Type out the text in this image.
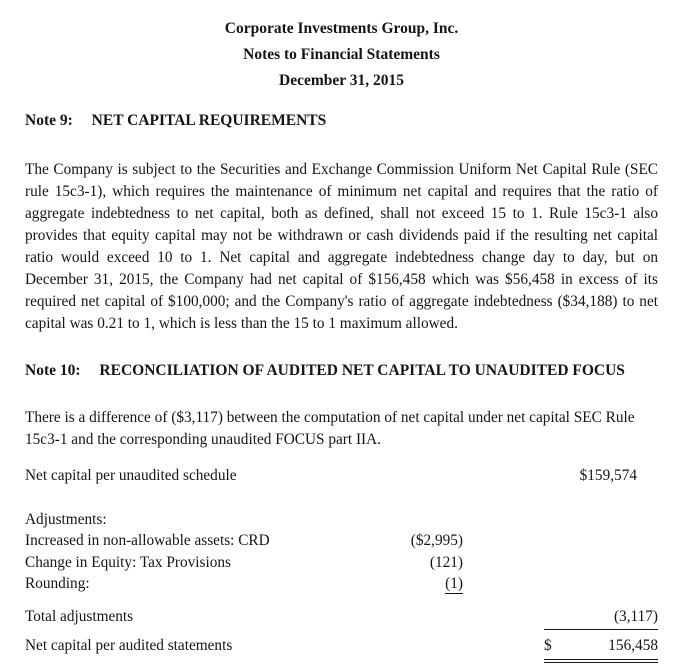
Corporate Investments Group, Inc.
Notes to Financial Statements
December 31, 2015
Note 9: NET CAPITAL REQUIREMENTS

The Company is subject to the Securities and Exchange Commission Uniform Net Capital Rule (SEC rule 15c3-1), which requires the maintenance of minimum net capital and requires that the ratio of aggregate indebtedness to net capital, both as defined, shall not exceed 15 to 1. Rule 15c3-1 also provides that equity capital may not be withdrawn or cash dividends paid if the resulting net capital ratio would exceed 10 to 1. Net capital and aggregate indebtedness change day to day, but on December 31, 2015, the Company had net capital of $156,458 which was $56,458 in excess of its required net capital of $100,000; and the Company's ratio of aggregate indebtedness ($34,188) to net capital was 0.21 to 1, which is less than the 15 to 1 maximum allowed.

Note 10: RECONCILIATION OF AUDITED NET CAPITAL TO UNAUDITED FOCUS

There is a difference of ($3,117) between the computation of net capital under net capital SEC Rule 15c3-1 and the corresponding unaudited FOCUS part IIA.

Net capital per unaudited schedule	$159,574
Adjustments:
Increased in non-allowable assets: CRD	($2,995)
Change in Equity: Tax Provisions	(121)
Rounding:	(1)
Total adjustments	(3,117)
Net capital per audited statements	$	156,458
